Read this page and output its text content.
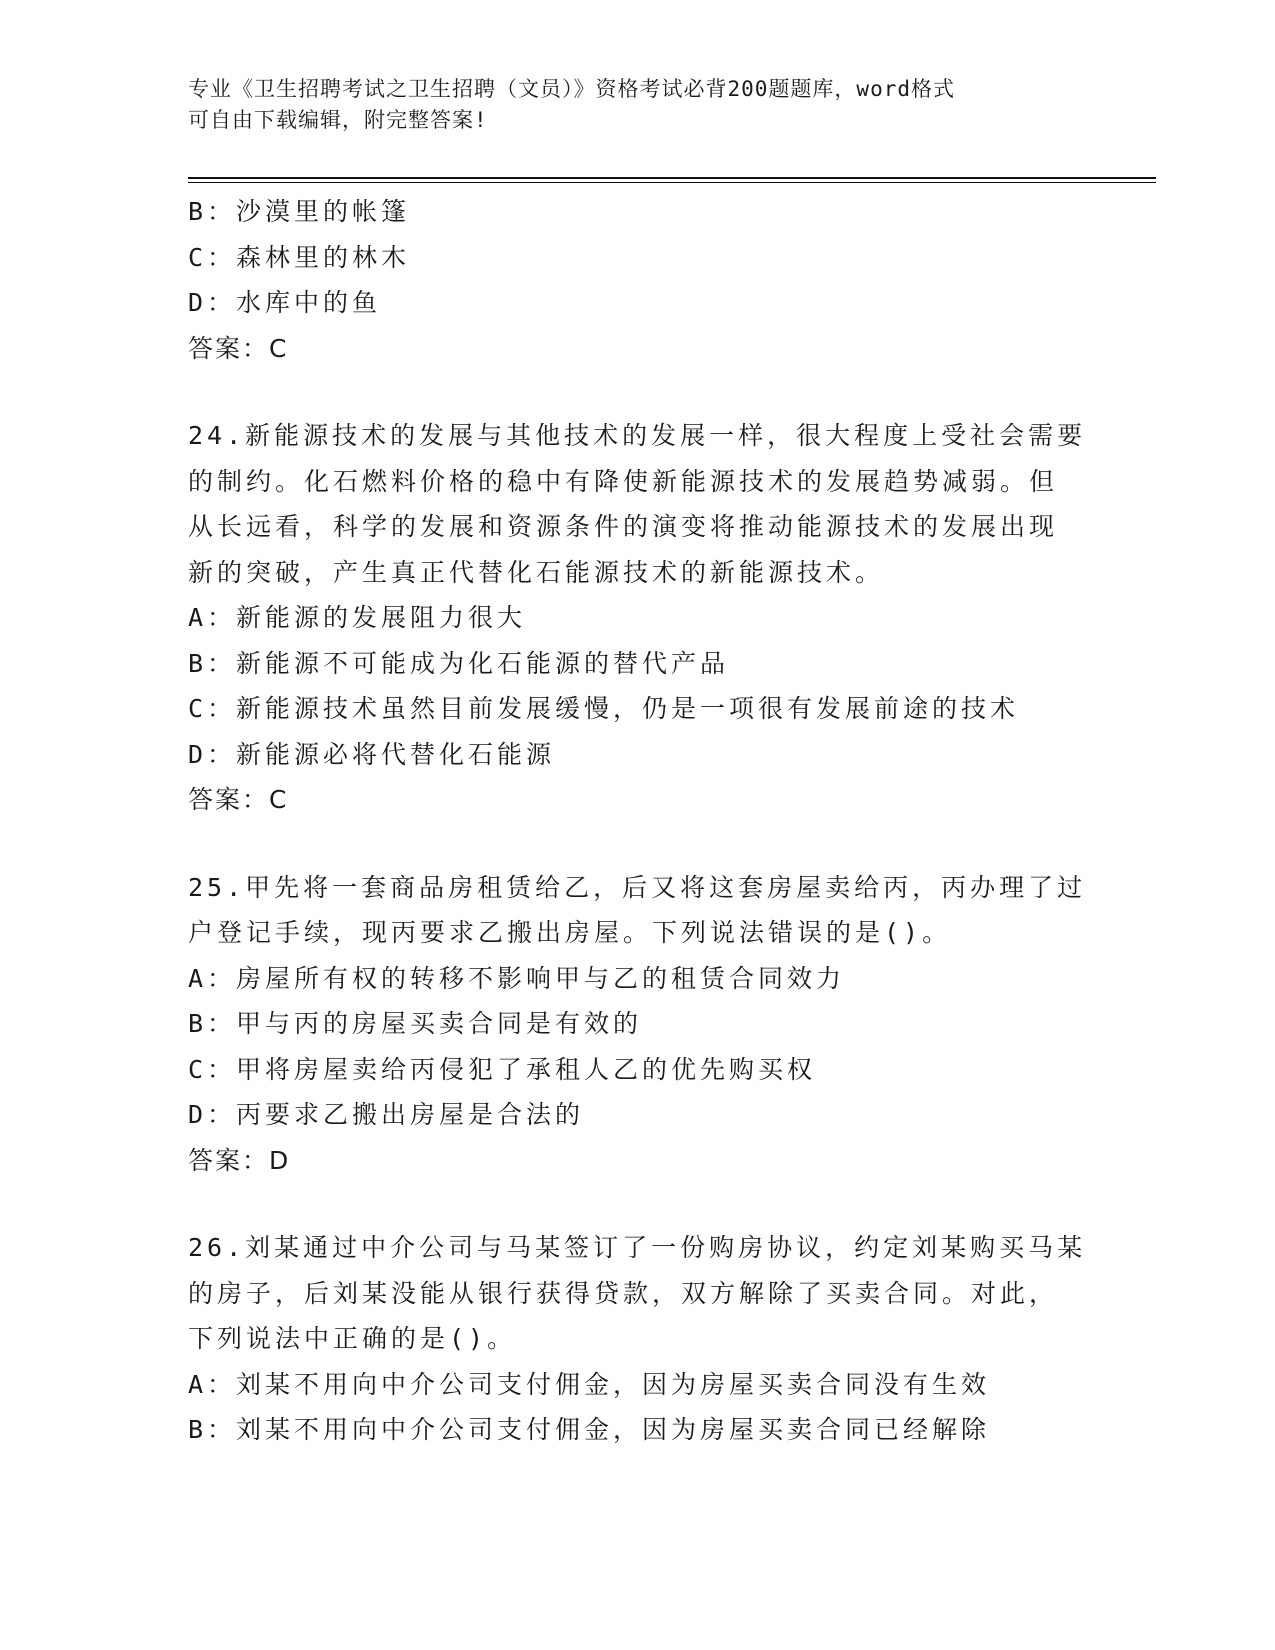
专业《卫生招聘考试之卫生招聘（文员）》资格考试必背200题题库，word格式
可自由下载编辑，附完整答案!
B：沙漠里的帐篷
C：森林里的林木
D：水库中的鱼
答案：C
24.新能源技术的发展与其他技术的发展一样，很大程度上受社会需要
的制约。化石燃料价格的稳中有降使新能源技术的发展趋势减弱。但
从长远看，科学的发展和资源条件的演变将推动能源技术的发展出现
新的突破，产生真正代替化石能源技术的新能源技术。
A：新能源的发展阻力很大
B：新能源不可能成为化石能源的替代产品
C：新能源技术虽然目前发展缓慢，仍是一项很有发展前途的技术
D：新能源必将代替化石能源
答案：C
25.甲先将一套商品房租赁给乙，后又将这套房屋卖给丙，丙办理了过
户登记手续，现丙要求乙搬出房屋。下列说法错误的是()。
A：房屋所有权的转移不影响甲与乙的租赁合同效力
B：甲与丙的房屋买卖合同是有效的
C：甲将房屋卖给丙侵犯了承租人乙的优先购买权
D：丙要求乙搬出房屋是合法的
答案：D
26.刘某通过中介公司与马某签订了一份购房协议，约定刘某购买马某
的房子，后刘某没能从银行获得贷款，双方解除了买卖合同。对此，
下列说法中正确的是()。
A：刘某不用向中介公司支付佣金，因为房屋买卖合同没有生效
B：刘某不用向中介公司支付佣金，因为房屋买卖合同已经解除
